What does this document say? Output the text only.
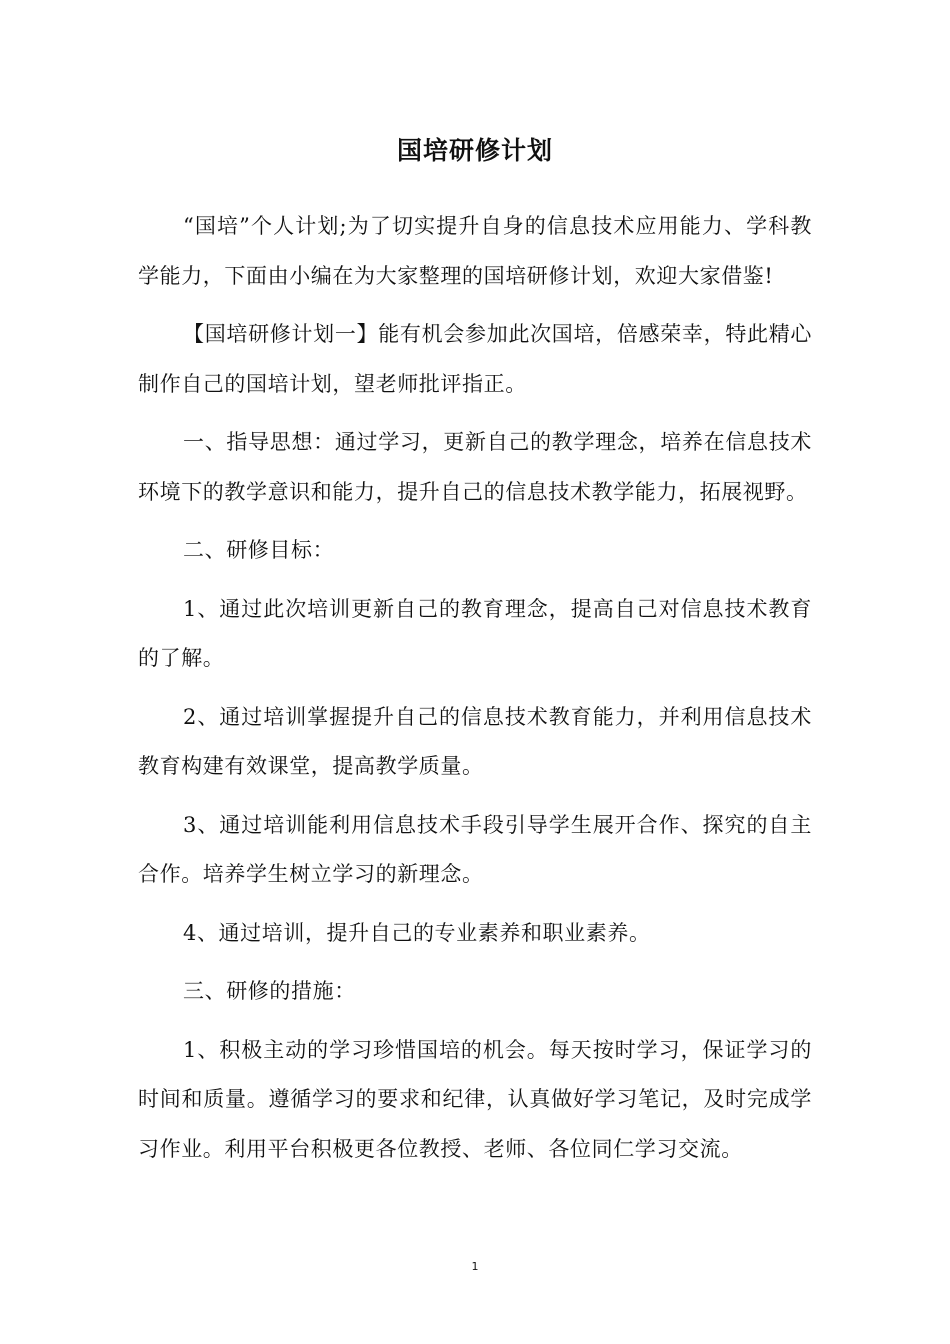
国培研修计划

“国培”个人计划;为了切实提升自身的信息技术应用能力、学科教学能力，下面由小编在为大家整理的国培研修计划，欢迎大家借鉴!

【国培研修计划一】能有机会参加此次国培，倍感荣幸，特此精心制作自己的国培计划，望老师批评指正。

一、指导思想：通过学习，更新自己的教学理念，培养在信息技术环境下的教学意识和能力，提升自己的信息技术教学能力，拓展视野。

二、研修目标：

1、通过此次培训更新自己的教育理念，提高自己对信息技术教育的了解。

2、通过培训掌握提升自己的信息技术教育能力，并利用信息技术教育构建有效课堂，提高教学质量。

3、通过培训能利用信息技术手段引导学生展开合作、探究的自主合作。培养学生树立学习的新理念。

4、通过培训，提升自己的专业素养和职业素养。

三、研修的措施：

1、积极主动的学习珍惜国培的机会。每天按时学习，保证学习的时间和质量。遵循学习的要求和纪律，认真做好学习笔记，及时完成学习作业。利用平台积极更各位教授、老师、各位同仁学习交流。

1
